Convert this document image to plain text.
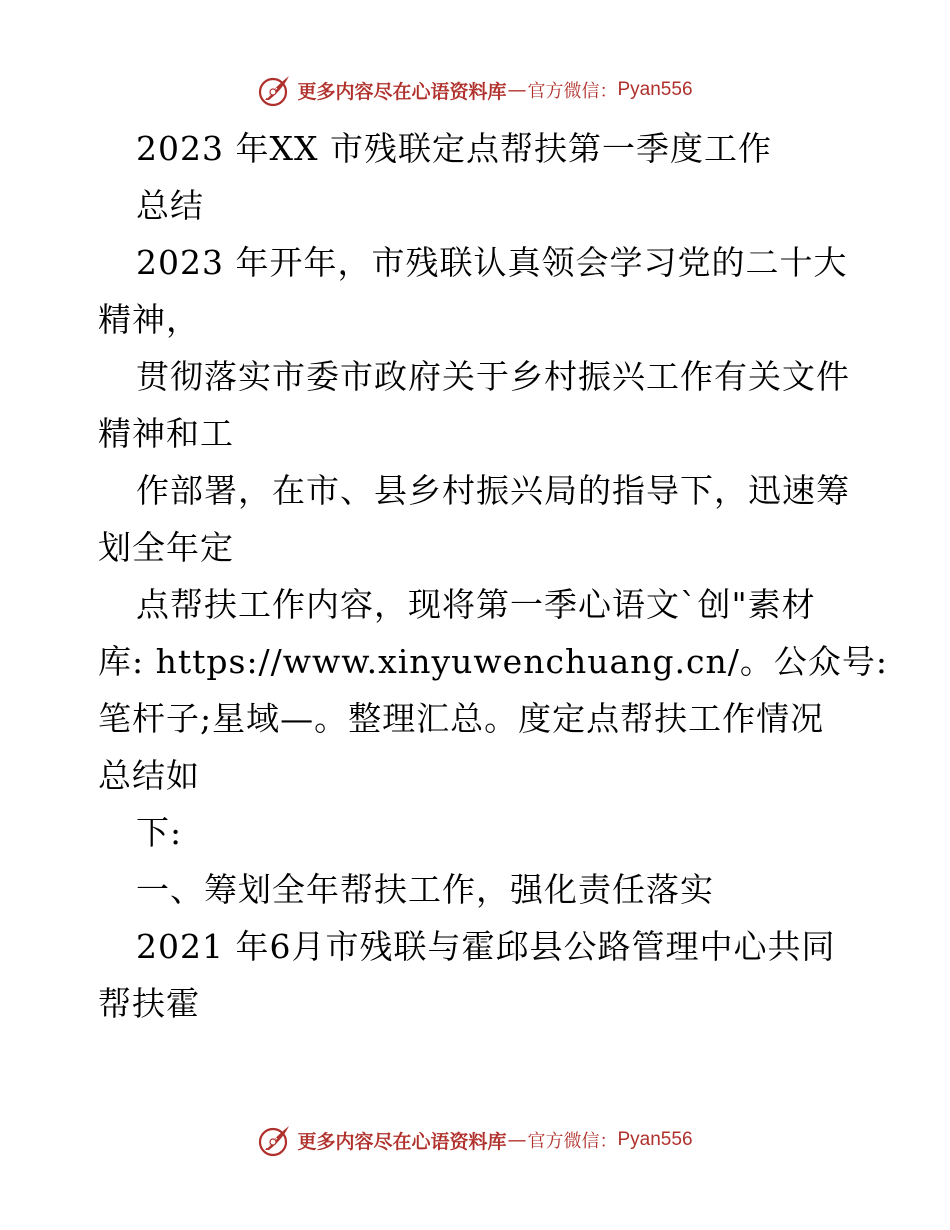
更多内容尽在心语资料库 — 官方微信： Pyan556
2023 年XX 市残联定点帮扶第一季度工作
总结
2023 年开年，市残联认真领会学习党的二十大
精神，
贯彻落实市委市政府关于乡村振兴工作有关文件
精神和工
作部署，在市、县乡村振兴局的指导下，迅速筹
划全年定
点帮扶工作内容，现将第一季心语文`创"素材
库: https://www.xinyuwenchuang.cn/。公众号:
笔杆子;星域—。整理汇总。度定点帮扶工作情况
总结如
下:
一、筹划全年帮扶工作，强化责任落实
2021 年6月市残联与霍邱县公路管理中心共同
帮扶霍
更多内容尽在心语资料库 — 官方微信： Pyan556
